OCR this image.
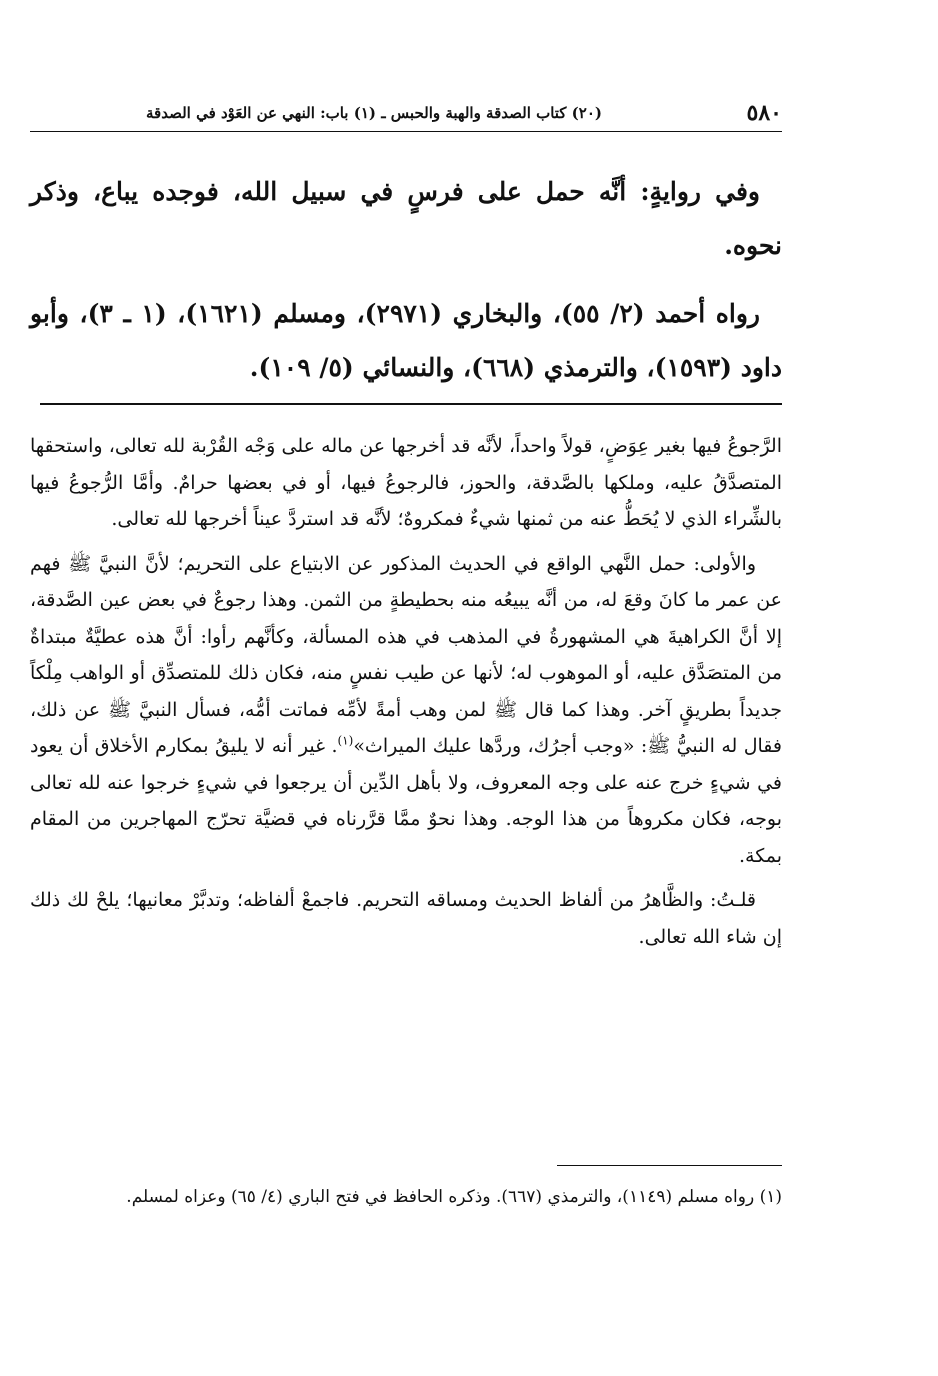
٥٨٠
(٢٠) كتاب الصدقة والهبة والحبس ـ (١) باب: النهي عن العَوْد في الصدقة

وفي روايةٍ: أنَّه حمل على فرسٍ في سبيل الله، فوجده يباع، وذكر نحوه.

رواه أحمد (٢/ ٥٥)، والبخاري (٢٩٧١)، ومسلم (١٦٢١)، (١ ـ ٣)، وأبو داود (١٥٩٣)، والترمذي (٦٦٨)، والنسائي (٥/ ١٠٩).

الرَّجوعُ فيها بغير عِوَضٍ، قولاً واحداً، لأنَّه قد أخرجها عن ماله على وَجْه القُرْبة لله تعالى، واستحقها المتصدَّقُ عليه، وملكها بالصَّدقة، والحوز، فالرجوعُ فيها، أو في بعضها حرامٌ. وأمَّا الرُّجوعُ فيها بالشِّراء الذي لا يُحَطُّ عنه من ثمنها شيءٌ فمكروهٌ؛ لأنَّه قد استردَّ عيناً أخرجها لله تعالى.

والأولى: حمل النَّهي الواقع في الحديث المذكور عن الابتياع على التحريم؛ لأنَّ النبيَّ ﷺ فهم عن عمر ما كانَ وقعَ له، من أنَّه يبيعُه منه بحطيطةٍ من الثمن. وهذا رجوعٌ في بعض عين الصَّدقة، إلا أنَّ الكراهيةَ هي المشهورةُ في المذهب في هذه المسألة، وكأنَّهم رأوا: أنَّ هذه عطيَّةٌ مبتداةٌ من المتصَدَّق عليه، أو الموهوب له؛ لأنها عن طيب نفسٍ منه، فكان ذلك للمتصدِّق أو الواهب مِلْكاً جديداً بطريقٍ آخر. وهذا كما قال ﷺ لمن وهب أمةً لأمِّه فماتت أمُّه، فسأل النبيَّ ﷺ عن ذلك، فقال له النبيُّ ﷺ: «وجب أجرُك، وردَّها عليك الميراث»$^{(١)}$. غير أنه لا يليقُ بمكارم الأخلاق أن يعود في شيءٍ خرج عنه على وجه المعروف، ولا بأهل الدِّين أن يرجعوا في شيءٍ خرجوا عنه لله تعالى بوجه، فكان مكروهاً من هذا الوجه. وهذا نحوٌ ممَّا قرَّرناه في قضيَّة تحرّج المهاجرين من المقام بمكة.

قلـتُ: والظَّاهرُ من ألفاظ الحديث ومساقه التحريم. فاجمعْ ألفاظه؛ وتدبَّرْ معانيها؛ يلحْ لك ذلك إن شاء الله تعالى.

(١) رواه مسلم (١١٤٩)، والترمذي (٦٦٧). وذكره الحافظ في فتح الباري (٤/ ٦٥) وعزاه لمسلم.
